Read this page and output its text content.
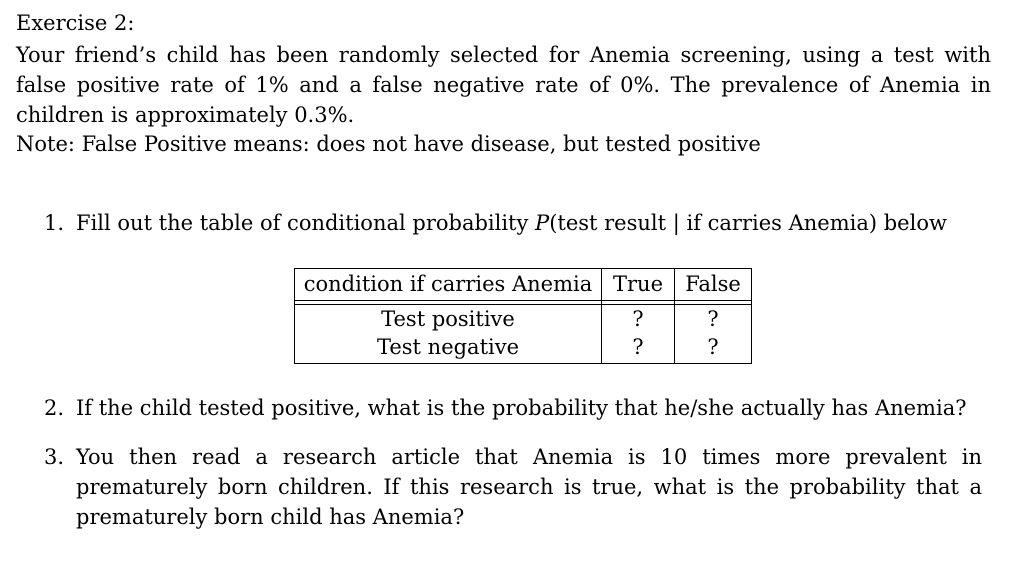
Exercise 2:
Your friend’s child has been randomly selected for Anemia screening, using a test with false positive rate of 1% and a false negative rate of 0%. The prevalence of Anemia in children is approximately 0.3%.
Note: False Positive means: does not have disease, but tested positive
1. Fill out the table of conditional probability P(test result | if carries Anemia) below
condition if carries Anemia	True	False

Test positive	?	?
Test negative	?	?
2. If the child tested positive, what is the probability that he/she actually has Anemia?
3. You then read a research article that Anemia is 10 times more prevalent in prematurely born children. If this research is true, what is the probability that a prematurely born child has Anemia?
